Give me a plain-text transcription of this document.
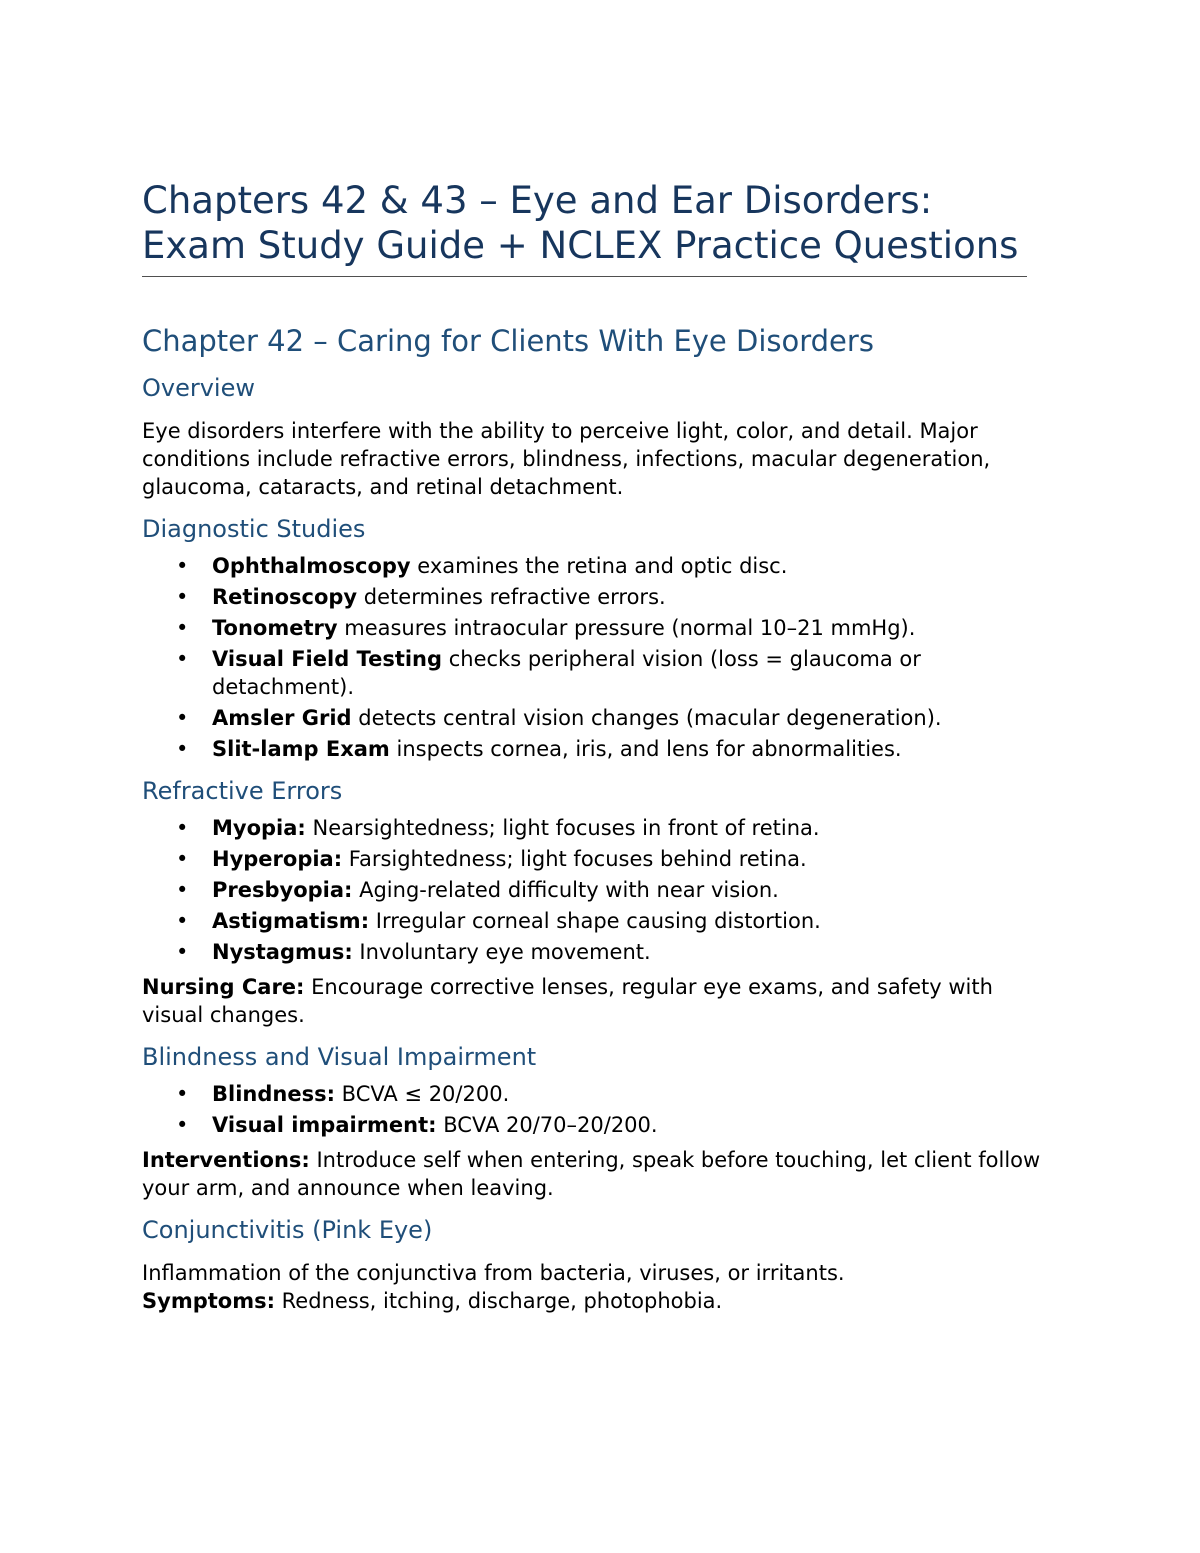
Chapters 42 & 43 – Eye and Ear Disorders: Exam Study Guide + NCLEX Practice Questions
Chapter 42 – Caring for Clients With Eye Disorders
Overview

Eye disorders interfere with the ability to perceive light, color, and detail. Major conditions include refractive errors, blindness, infections, macular degeneration, glaucoma, cataracts, and retinal detachment.

Diagnostic Studies
• Ophthalmoscopy examines the retina and optic disc.
• Retinoscopy determines refractive errors.
• Tonometry measures intraocular pressure (normal 10–21 mmHg).
• Visual Field Testing checks peripheral vision (loss = glaucoma or detachment).
• Amsler Grid detects central vision changes (macular degeneration).
• Slit-lamp Exam inspects cornea, iris, and lens for abnormalities.
Refractive Errors
• Myopia: Nearsightedness; light focuses in front of retina.
• Hyperopia: Farsightedness; light focuses behind retina.
• Presbyopia: Aging-related difficulty with near vision.
• Astigmatism: Irregular corneal shape causing distortion.
• Nystagmus: Involuntary eye movement.

Nursing Care: Encourage corrective lenses, regular eye exams, and safety with visual changes.

Blindness and Visual Impairment
• Blindness: BCVA ≤ 20/200.
• Visual impairment: BCVA 20/70–20/200.

Interventions: Introduce self when entering, speak before touching, let client follow your arm, and announce when leaving.

Conjunctivitis (Pink Eye)

Inflammation of the conjunctiva from bacteria, viruses, or irritants.
Symptoms: Redness, itching, discharge, photophobia.
